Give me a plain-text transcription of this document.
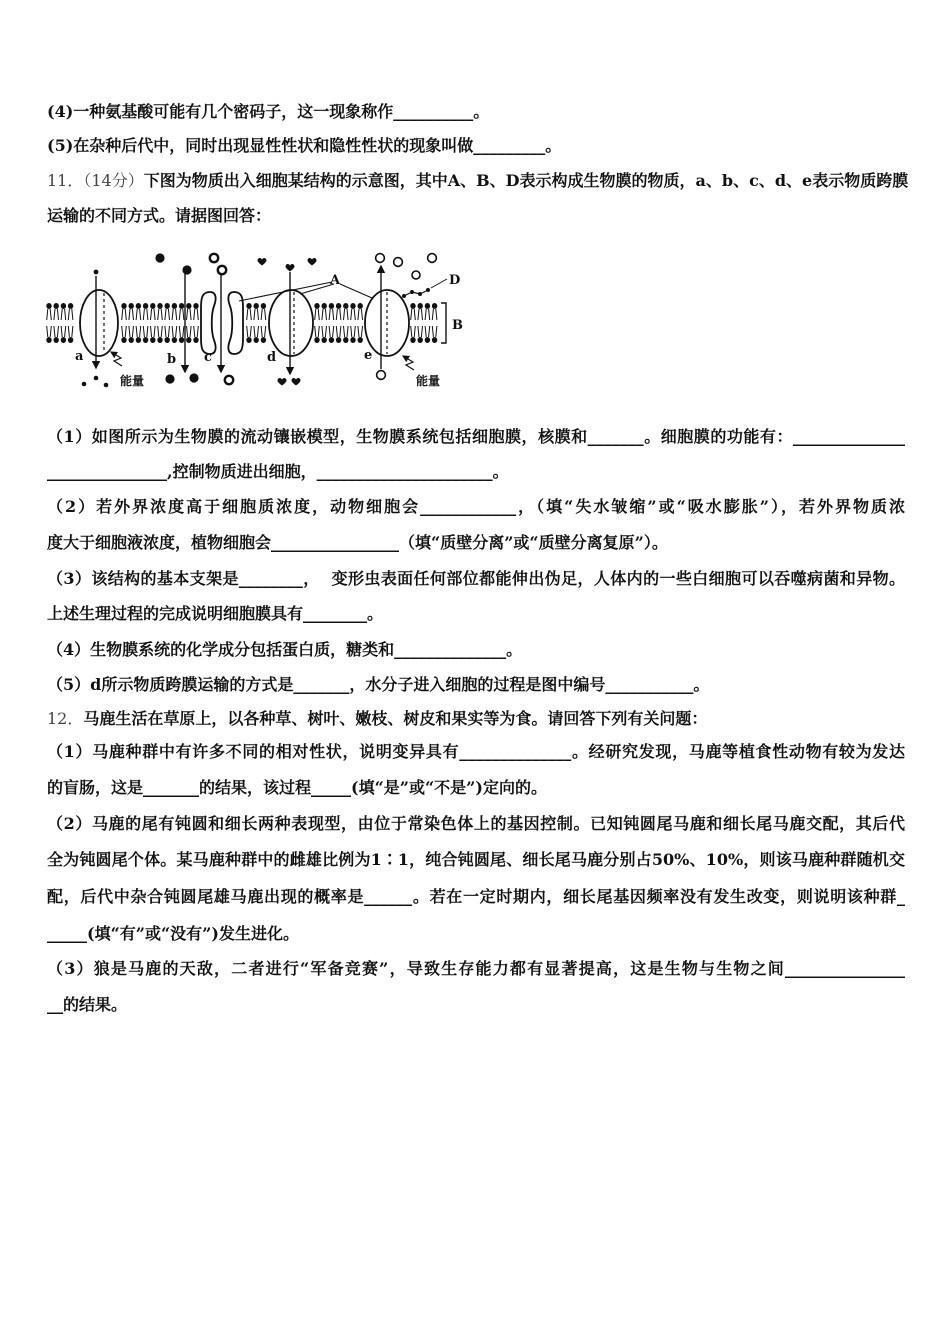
(4)一种氨基酸可能有几个密码子，这一现象称作__________。
(5)在杂种后代中，同时出现显性性状和隐性性状的现象叫做_________。
11．（14分）下图为物质出入细胞某结构的示意图，其中A、B、D表示构成生物膜的物质，a、b、c、d、e表示物质跨膜
运输的不同方式。请据图回答：
A
B
D
a	b c	d	e
能量	能量
（1）如图所示为生物膜的流动镶嵌模型，生物膜系统包括细胞膜，核膜和_______。细胞膜的功能有：______________
_______________,控制物质进出细胞，______________________。
（2）若外界浓度高于细胞质浓度，动物细胞会____________，（填“失水皱缩”或“吸水膨胀”），若外界物质浓
度大于细胞液浓度，植物细胞会________________（填“质壁分离”或“质壁分离复原”）。
（3）该结构的基本支架是________，  变形虫表面任何部位都能伸出伪足，人体内的一些白细胞可以吞噬病菌和异物。
上述生理过程的完成说明细胞膜具有________。
（4）生物膜系统的化学成分包括蛋白质，糖类和______________。
（5）d所示物质跨膜运输的方式是_______，水分子进入细胞的过程是图中编号___________。
12．马鹿生活在草原上，以各种草、树叶、嫩枝、树皮和果实等为食。请回答下列有关问题：
（1）马鹿种群中有许多不同的相对性状，说明变异具有______________。经研究发现，马鹿等植食性动物有较为发达
的盲肠，这是_______的结果，该过程_____(填“是”或“不是”)定向的。
（2）马鹿的尾有钝圆和细长两种表现型，由位于常染色体上的基因控制。已知钝圆尾马鹿和细长尾马鹿交配，其后代
全为钝圆尾个体。某马鹿种群中的雌雄比例为1∶1，纯合钝圆尾、细长尾马鹿分别占50%、10%，则该马鹿种群随机交
配，后代中杂合钝圆尾雄马鹿出现的概率是______。若在一定时期内，细长尾基因频率没有发生改变，则说明该种群_
_____(填“有”或“没有”)发生进化。
（3）狼是马鹿的天敌，二者进行“军备竞赛”，导致生存能力都有显著提高，这是生物与生物之间_______________
__的结果。
